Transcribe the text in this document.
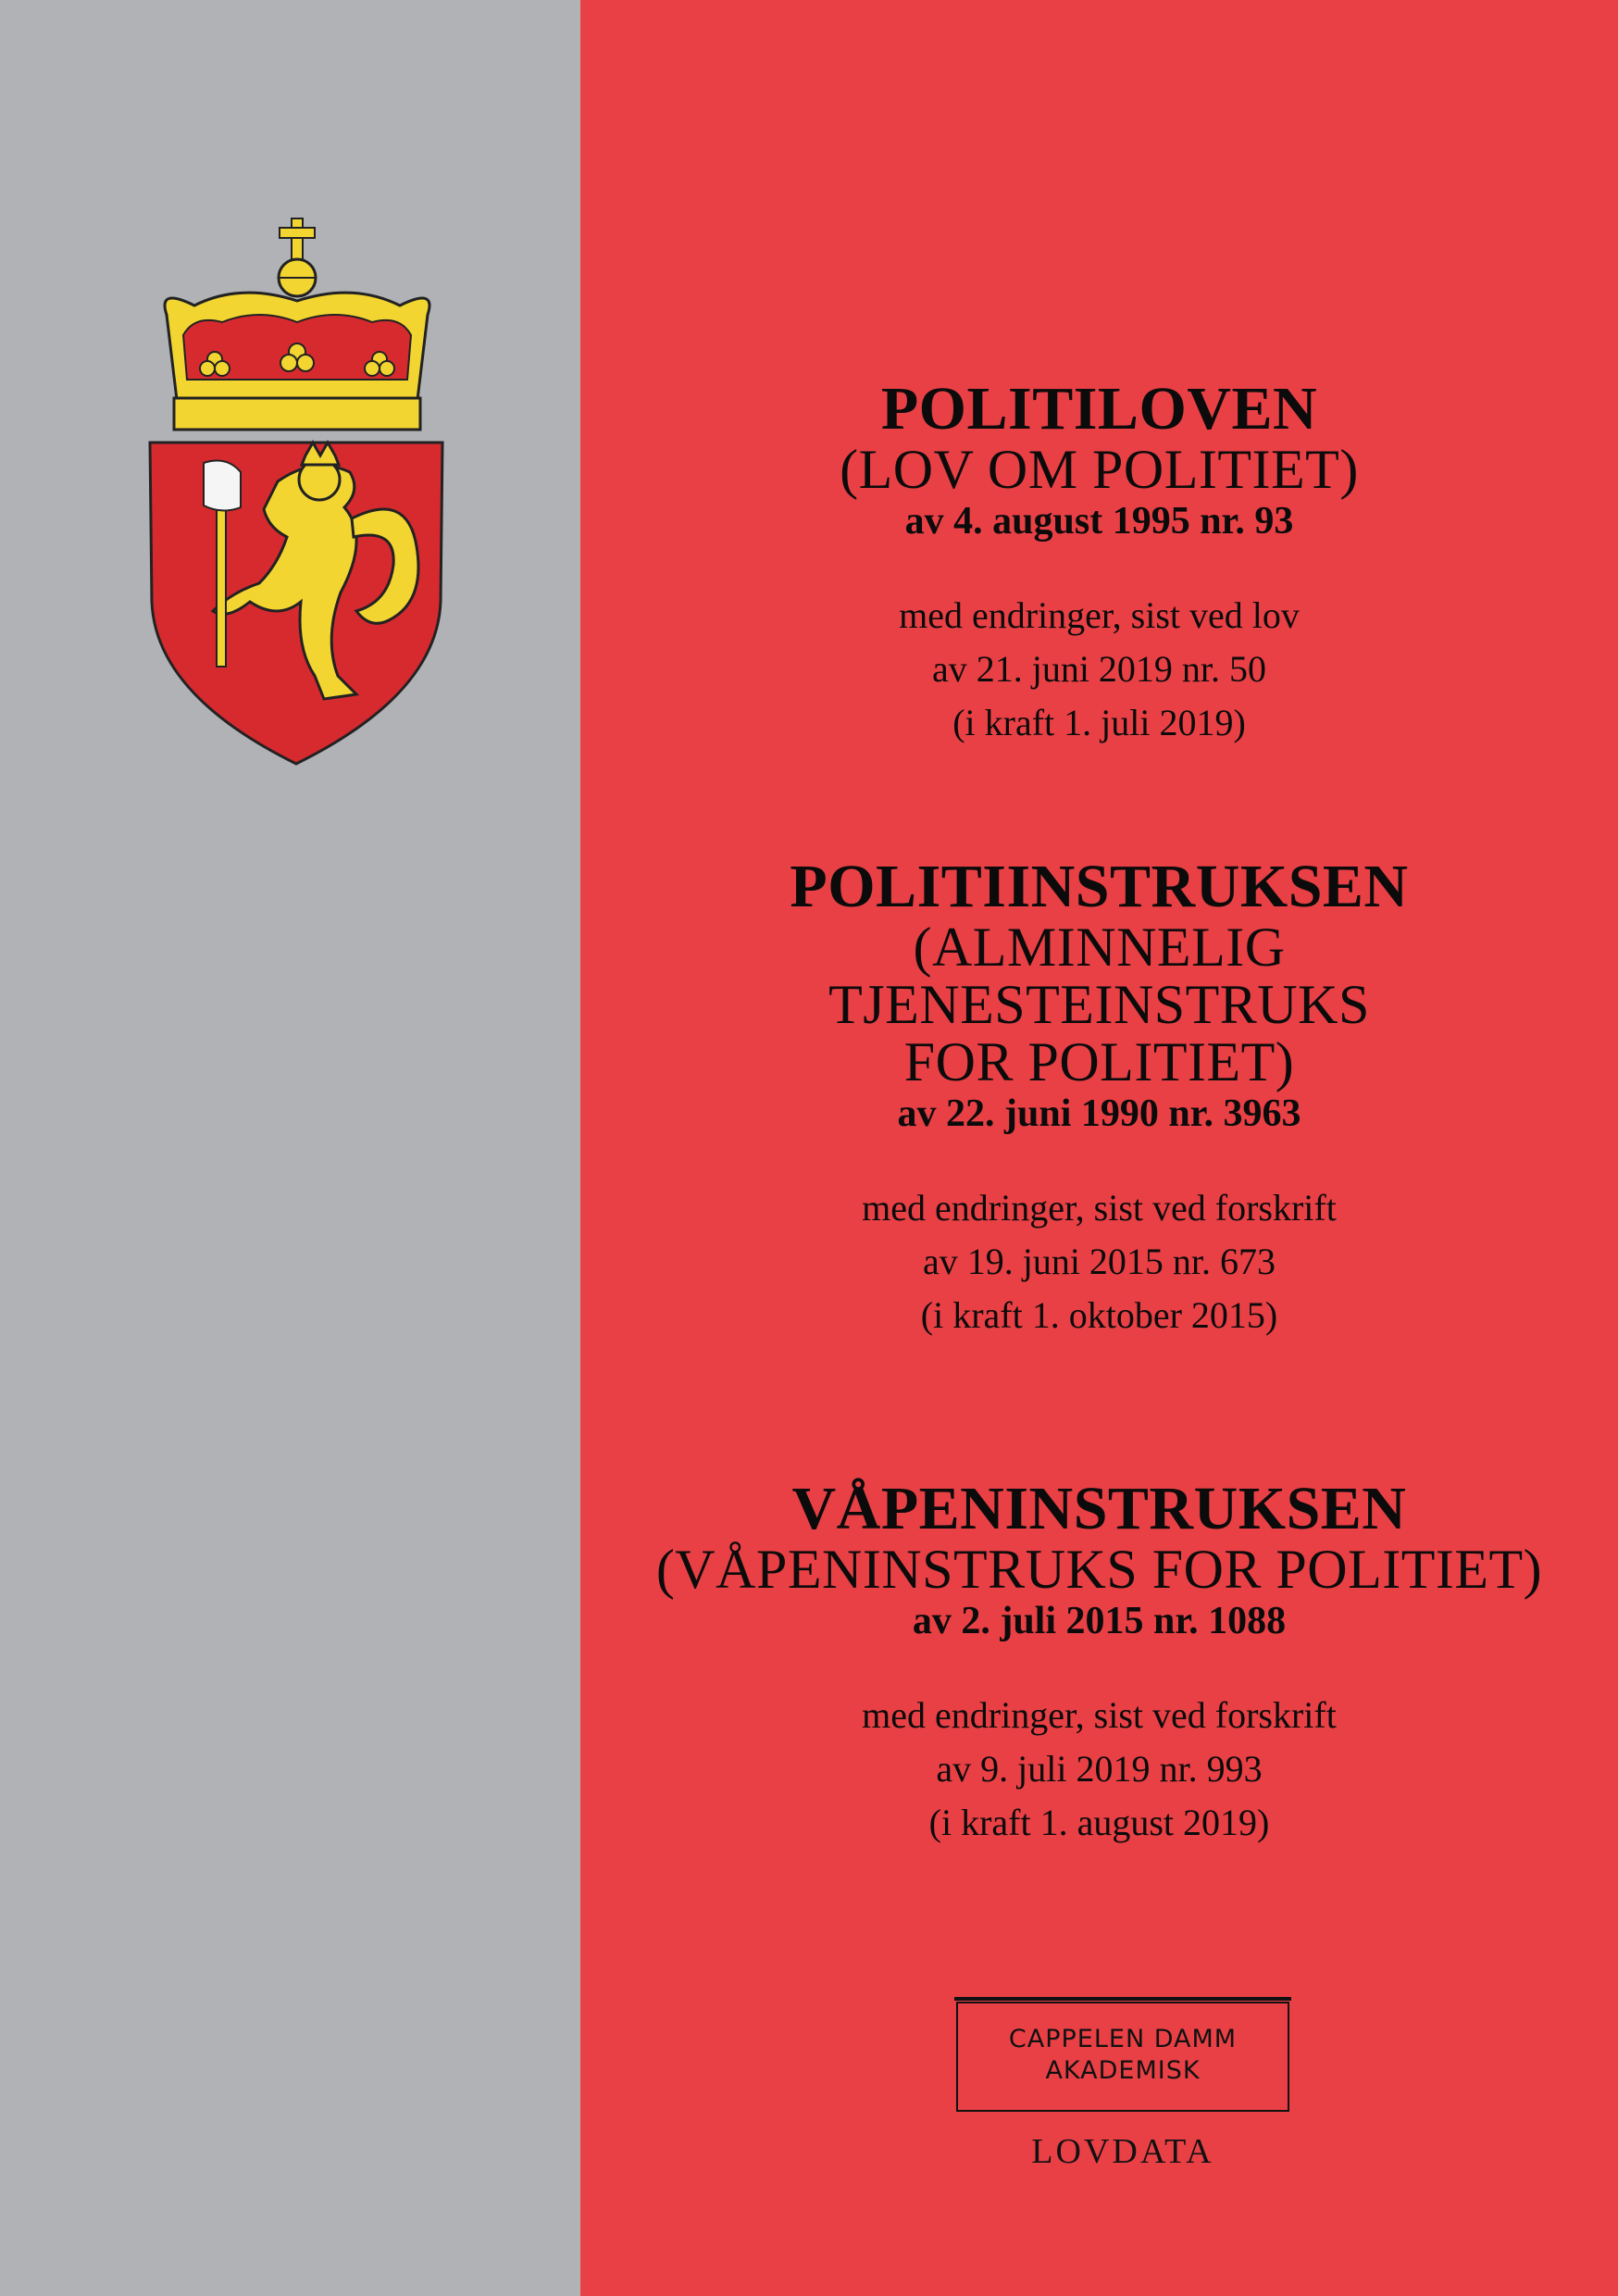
POLITILOVEN
(LOV OM POLITIET)
av 4. august 1995 nr. 93
med endringer, sist ved lov
av 21. juni 2019 nr. 50
(i kraft 1. juli 2019)
POLITIINSTRUKSEN
(ALMINNELIG
TJENESTEINSTRUKS
FOR POLITIET)
av 22. juni 1990 nr. 3963
med endringer, sist ved forskrift
av 19. juni 2015 nr. 673
(i kraft 1. oktober 2015)
VÅPENINSTRUKSEN
(VÅPENINSTRUKS FOR POLITIET)
av 2. juli 2015 nr. 1088
med endringer, sist ved forskrift
av 9. juli 2019 nr. 993
(i kraft 1. august 2019)
CAPPELEN DAMM
AKADEMISK
LOVDATA
